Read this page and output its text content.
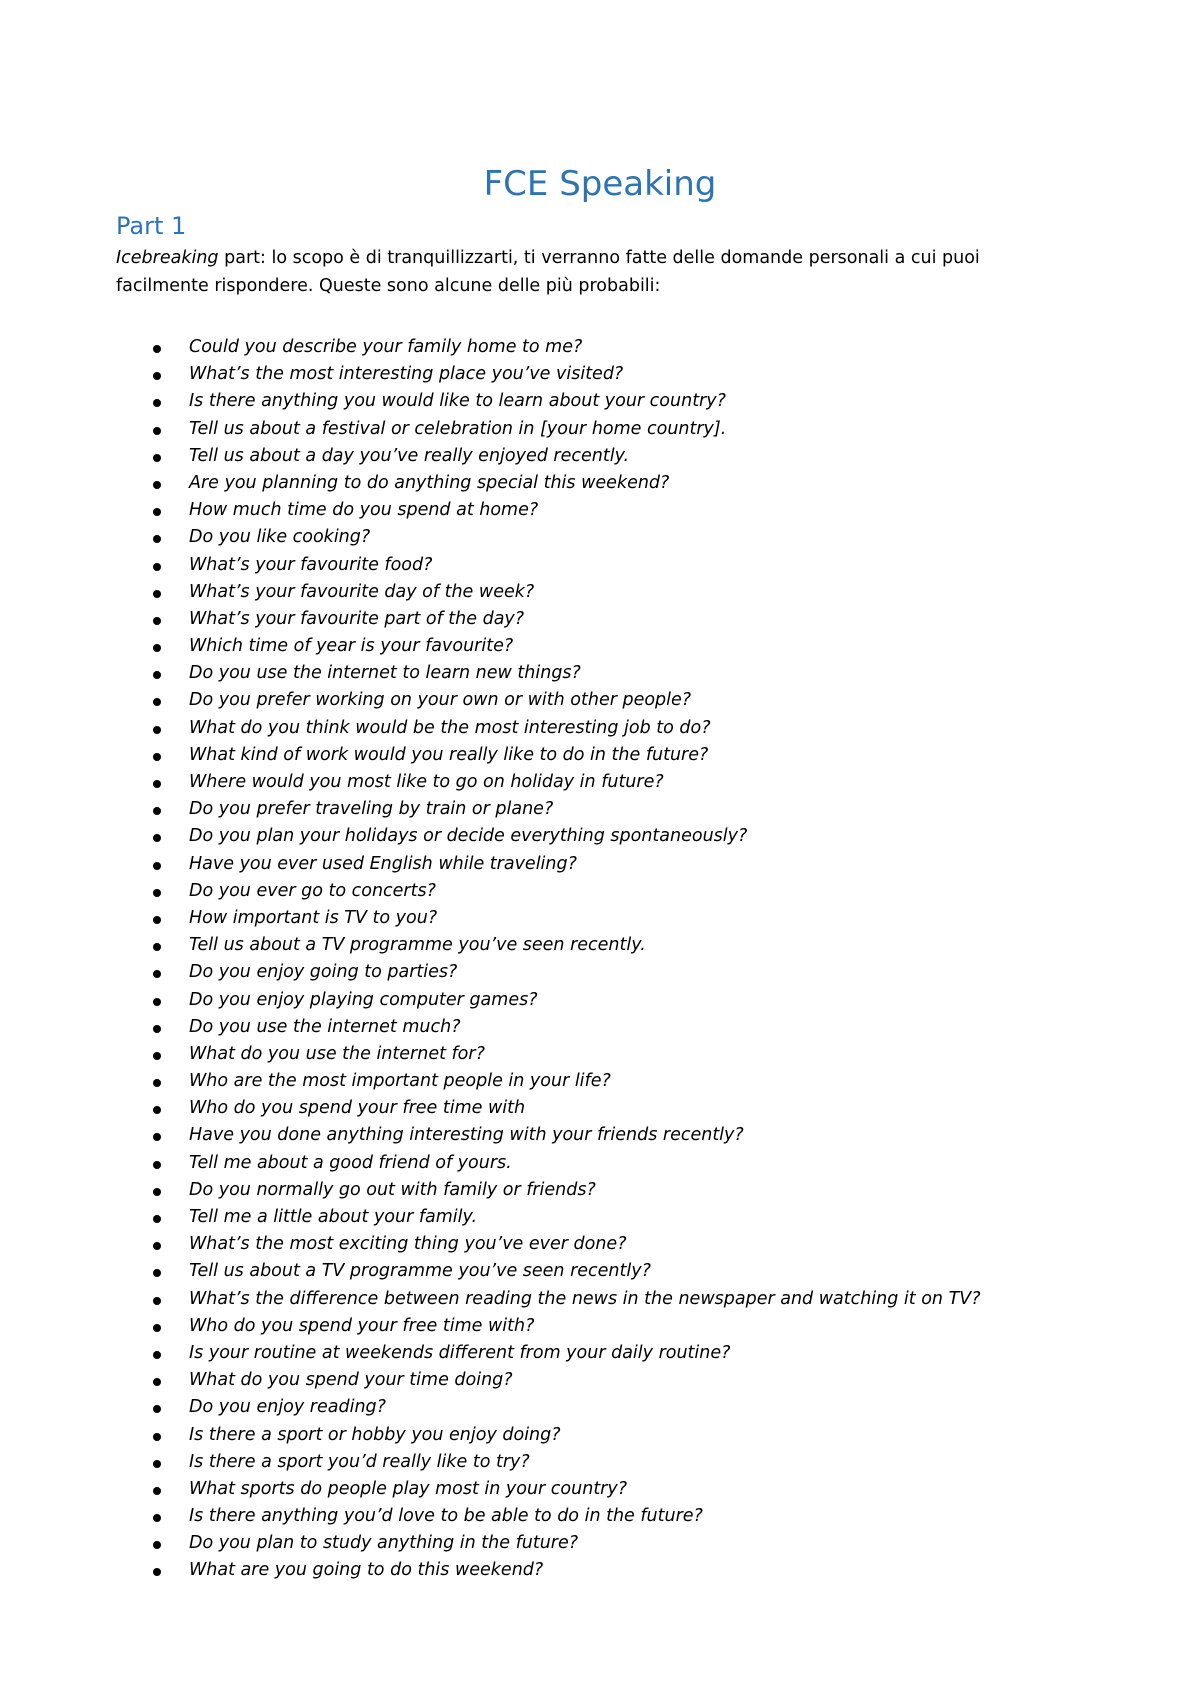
FCE Speaking
Part 1

Icebreaking part: lo scopo è di tranquillizzarti, ti verranno fatte delle domande personali a cui puoi facilmente rispondere. Queste sono alcune delle più probabili:

Could you describe your family home to me?
What’s the most interesting place you’ve visited?
Is there anything you would like to learn about your country?
Tell us about a festival or celebration in [your home country].
Tell us about a day you’ve really enjoyed recently.
Are you planning to do anything special this weekend?
How much time do you spend at home?
Do you like cooking?
What’s your favourite food?
What’s your favourite day of the week?
What’s your favourite part of the day?
Which time of year is your favourite?
Do you use the internet to learn new things?
Do you prefer working on your own or with other people?
What do you think would be the most interesting job to do?
What kind of work would you really like to do in the future?
Where would you most like to go on holiday in future?
Do you prefer traveling by train or plane?
Do you plan your holidays or decide everything spontaneously?
Have you ever used English while traveling?
Do you ever go to concerts?
How important is TV to you?
Tell us about a TV programme you’ve seen recently.
Do you enjoy going to parties?
Do you enjoy playing computer games?
Do you use the internet much?
What do you use the internet for?
Who are the most important people in your life?
Who do you spend your free time with
Have you done anything interesting with your friends recently?
Tell me about a good friend of yours.
Do you normally go out with family or friends?
Tell me a little about your family.
What’s the most exciting thing you’ve ever done?
Tell us about a TV programme you’ve seen recently?
What’s the difference between reading the news in the newspaper and watching it on TV?
Who do you spend your free time with?
Is your routine at weekends different from your daily routine?
What do you spend your time doing?
Do you enjoy reading?
Is there a sport or hobby you enjoy doing?
Is there a sport you’d really like to try?
What sports do people play most in your country?
Is there anything you’d love to be able to do in the future?
Do you plan to study anything in the future?
What are you going to do this weekend?
